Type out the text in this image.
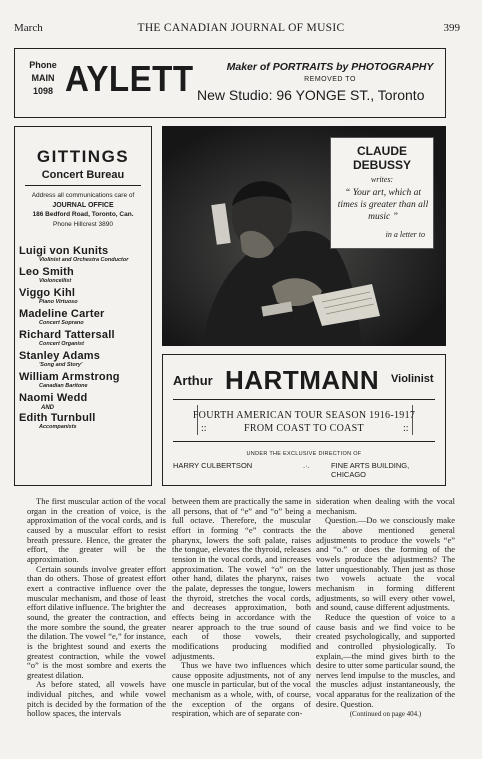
March	THE CANADIAN JOURNAL OF MUSIC	399
Phone
MAIN
1098 AYLETT	Maker of PORTRAITS by PHOTOGRAPHY
REMOVED TO
New Studio: 96 YONGE ST., Toronto
GITTINGS
Concert Bureau
Address all communications care of
JOURNAL OFFICE
186 Bedford Road, Toronto, Can.
Phone Hillcrest 3890
Luigi von Kunits
Violinist and Orchestra Conductor
Leo Smith
Violoncellist
Viggo Kihl
Piano Virtuoso
Madeline Carter
Concert Soprano
Richard Tattersall
Concert Organist
Stanley Adams
'Song and Story'
William Armstrong
Canadian Baritone
Naomi Wedd
AND
Edith Turnbull
Accompanists
CLAUDE
DEBUSSY
writes:
“ Your art, which at times is greater than all music ”
in a letter to
Arthur HARTMANN Violinist
FOURTH AMERICAN TOUR SEASON 1916-1917
::	FROM COAST TO COAST	::
UNDER THE EXCLUSIVE DIRECTION OF
HARRY CULBERTSON	.·.	FINE ARTS BUILDING, CHICAGO

The first muscular action of the vocal organ in the creation of voice, is the approximation of the vocal cords, and is caused by a muscular effort to resist breath pressure. Hence, the greater the effort, the greater will be the approximation.

Certain sounds involve greater effort than do others. Those of greatest effort exert a contractive influence over the muscular mechanism, and those of least effort dilative influence. The brighter the sound, the greater the contraction, and the more sombre the sound, the greater the dilation. The vowel “e,” for instance, is the brightest sound and exerts the greatest contraction, while the vowel “o” is the most sombre and exerts the greatest dilation.

As before stated, all vowels have individual pitches, and while vowel pitch is decided by the formation of the hollow spaces, the intervals

between them are practically the same in all persons, that of “e” and “o” being a full octave. Therefore, the muscular effort in forming “e” contracts the pharynx, lowers the soft palate, raises the tongue, elevates the thyroid, releases tension in the vocal cords, and increases approximation. The vowel “o” on the other hand, dilates the pharynx, raises the palate, depresses the tongue, lowers the thyroid, stretches the vocal cords, and decreases approximation, both effects being in accordance with the nearer approach to the true sound of each of those vowels, their modifications producing modified adjustments.

Thus we have two influences which cause opposite adjustments, not of any one muscle in particular, but of the vocal mechanism as a whole, with, of course, the exception of the organs of respiration, which are of separate con-

sideration when dealing with the vocal mechanism.

Question.—Do we consciously make the above mentioned general adjustments to produce the vowels “e” and “o.” or does the forming of the vowels produce the adjustments? The latter unquestionably. Then just as those two vowels actuate the vocal mechanism in forming different adjustments, so will every other vowel, and sound, cause different adjustments.

Reduce the question of voice to a cause basis and we find voice to be created psychologically, and supported and controlled physiologically. To explain,—the mind gives birth to the desire to utter some particular sound, the nerves lend impulse to the muscles, and the muscles adjust instantaneously, the vocal apparatus for the realization of the desire. Question.

(Continued on page 404.)
